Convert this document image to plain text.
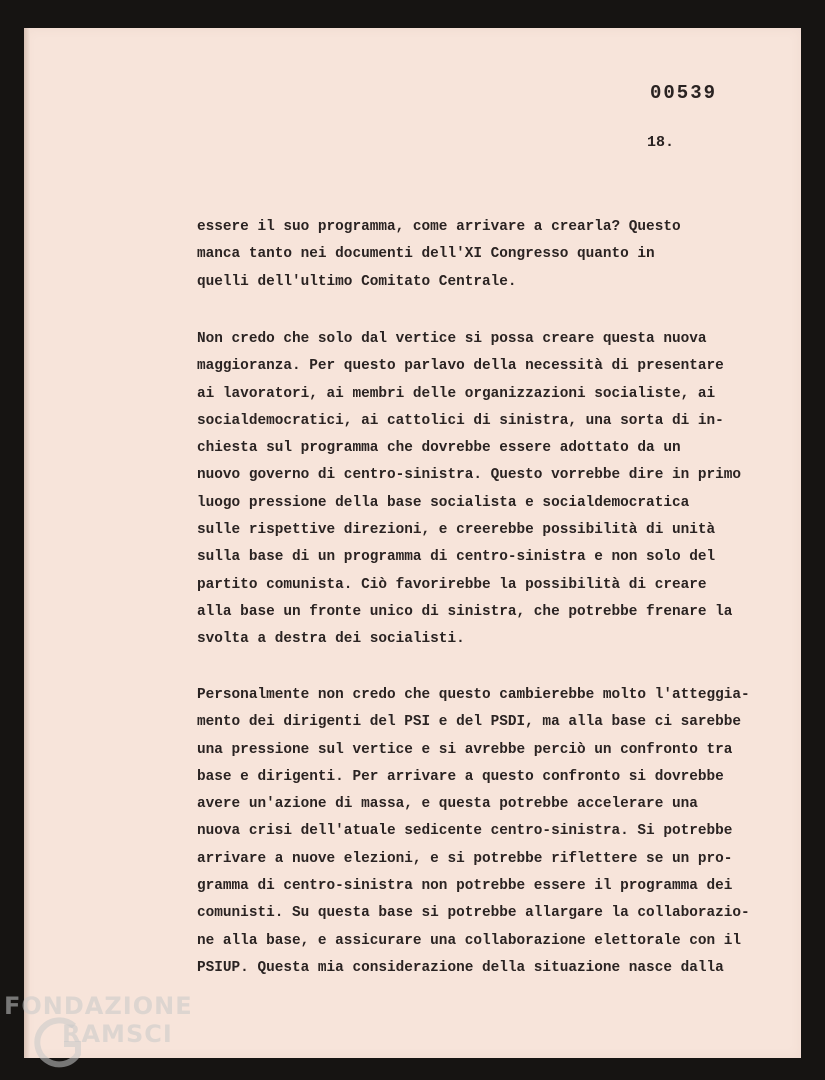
00539
18.

essere il suo programma, come arrivare a crearla? Questo
manca tanto nei documenti dell'XI Congresso quanto in
quelli dell'ultimo Comitato Centrale.

Non credo che solo dal vertice si possa creare questa nuova
maggioranza. Per questo parlavo della necessità di presentare
ai lavoratori, ai membri delle organizzazioni socialiste, ai
socialdemocratici, ai cattolici di sinistra, una sorta di in-
chiesta sul programma che dovrebbe essere adottato da un
nuovo governo di centro-sinistra. Questo vorrebbe dire in primo
luogo pressione della base socialista e socialdemocratica
sulle rispettive direzioni, e creerebbe possibilità di unità
sulla base di un programma di centro-sinistra e non solo del
partito comunista. Ciò favorirebbe la possibilità di creare
alla base un fronte unico di sinistra, che potrebbe frenare la
svolta a destra dei socialisti.

Personalmente non credo che questo cambierebbe molto l'atteggia-
mento dei dirigenti del PSI e del PSDI, ma alla base ci sarebbe
una pressione sul vertice e si avrebbe perciò un confronto tra
base e dirigenti. Per arrivare a questo confronto si dovrebbe
avere un'azione di massa, e questa potrebbe accelerare una
nuova crisi dell'atuale sedicente centro-sinistra. Si potrebbe
arrivare a nuove elezioni, e si potrebbe riflettere se un pro-
gramma di centro-sinistra non potrebbe essere il programma dei
comunisti. Su questa base si potrebbe allargare la collaborazio-
ne alla base, e assicurare una collaborazione elettorale con il
PSIUP. Questa mia considerazione della situazione nasce dalla

FONDAZIONE
RAMSCI
